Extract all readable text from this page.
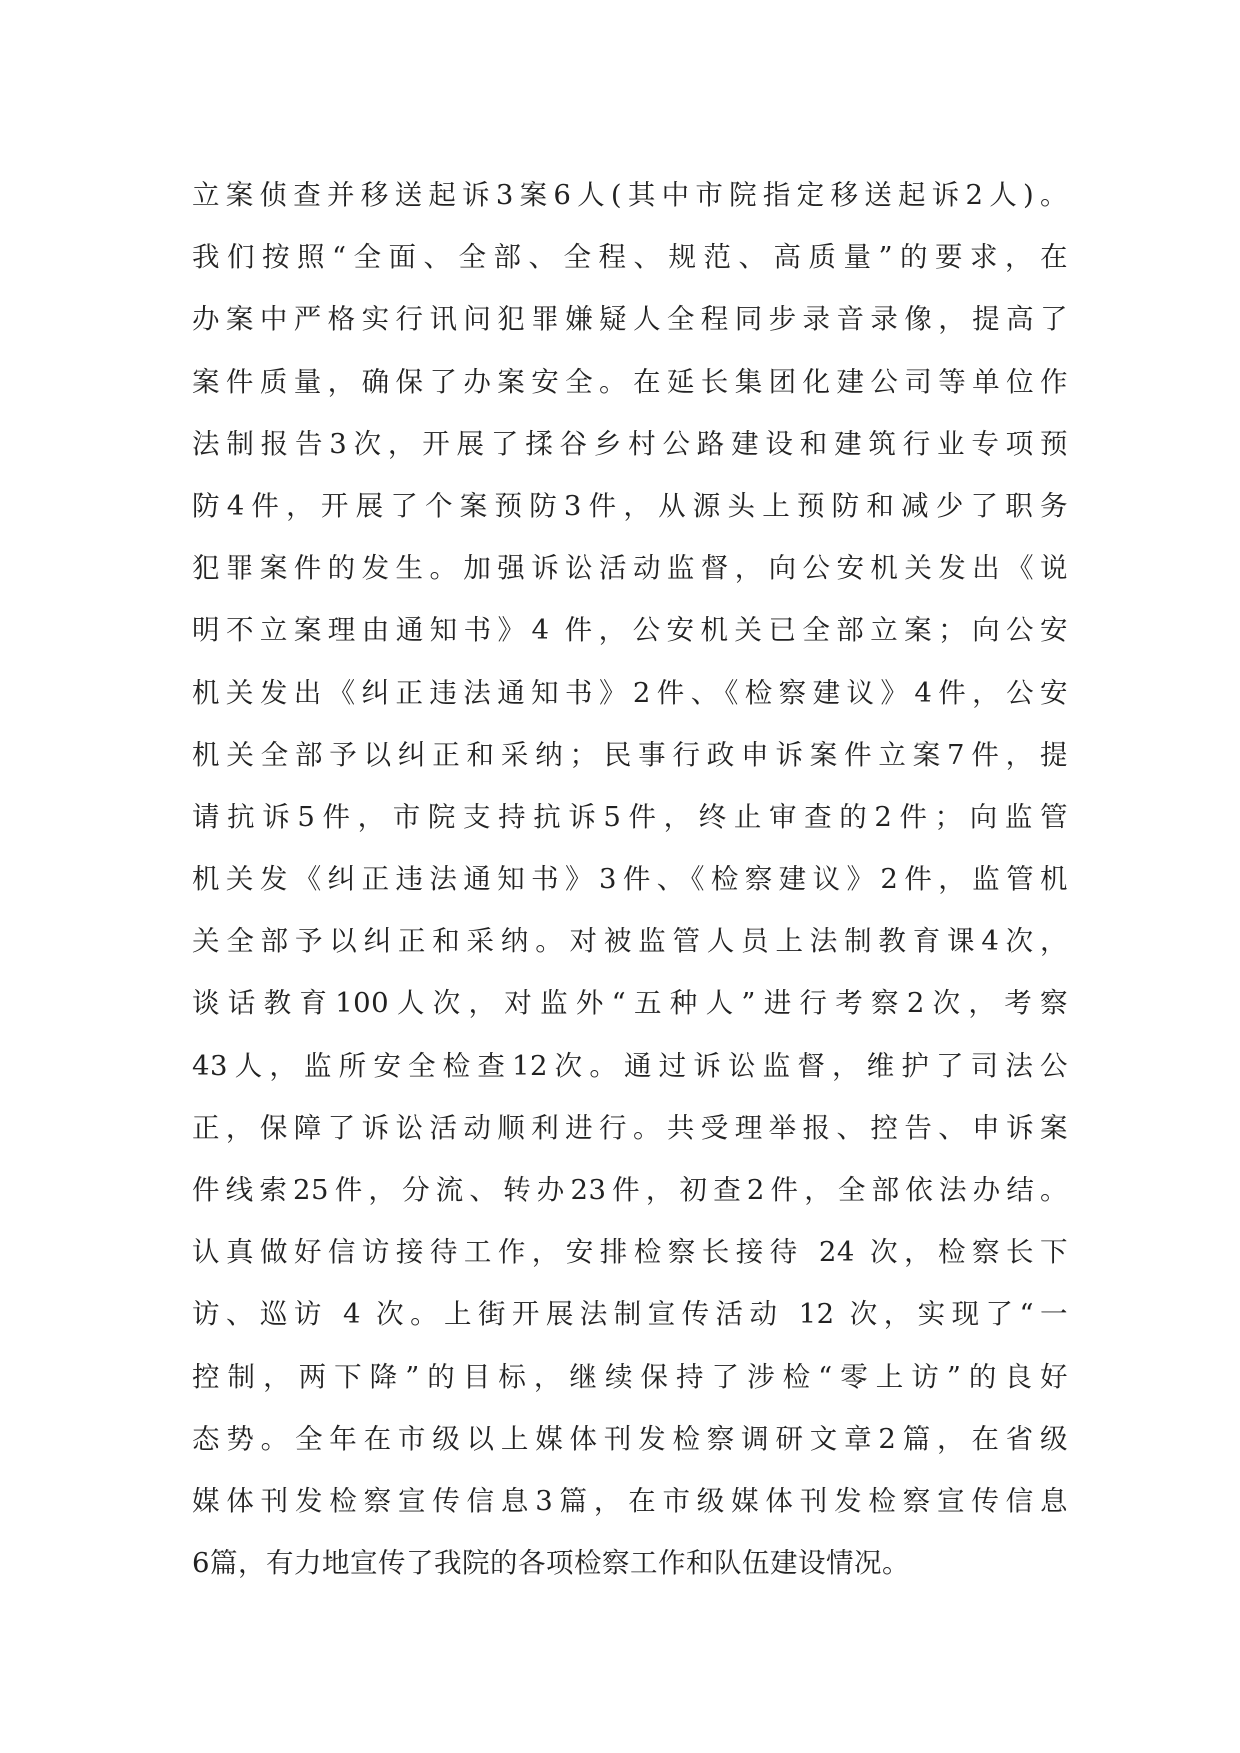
立案侦查并移送起诉3案6人(其中市院指定移送起诉2人)。
我们按照“全面、全部、全程、规范、高质量”的要求，在
办案中严格实行讯问犯罪嫌疑人全程同步录音录像，提高了
案件质量，确保了办案安全。在延长集团化建公司等单位作
法制报告3次，开展了揉谷乡村公路建设和建筑行业专项预
防4件，开展了个案预防3件，从源头上预防和减少了职务
犯罪案件的发生。加强诉讼活动监督，向公安机关发出《说
明不立案理由通知书》4 件，公安机关已全部立案；向公安
机关发出《纠正违法通知书》2件、《检察建议》4件，公安
机关全部予以纠正和采纳；民事行政申诉案件立案7件，提
请抗诉5件，市院支持抗诉5件，终止审查的2件；向监管
机关发《纠正违法通知书》3件、《检察建议》2件，监管机
关全部予以纠正和采纳。对被监管人员上法制教育课4次，
谈话教育100人次，对监外“五种人”进行考察2次，考察
43人，监所安全检查12次。通过诉讼监督，维护了司法公
正，保障了诉讼活动顺利进行。共受理举报、控告、申诉案
件线索25件，分流、转办23件，初查2件，全部依法办结。
认真做好信访接待工作，安排检察长接待 24 次，检察长下
访、巡访 4 次。上街开展法制宣传活动 12 次，实现了“一
控制，两下降”的目标，继续保持了涉检“零上访”的良好
态势。全年在市级以上媒体刊发检察调研文章2篇，在省级
媒体刊发检察宣传信息3篇，在市级媒体刊发检察宣传信息
6篇，有力地宣传了我院的各项检察工作和队伍建设情况。
